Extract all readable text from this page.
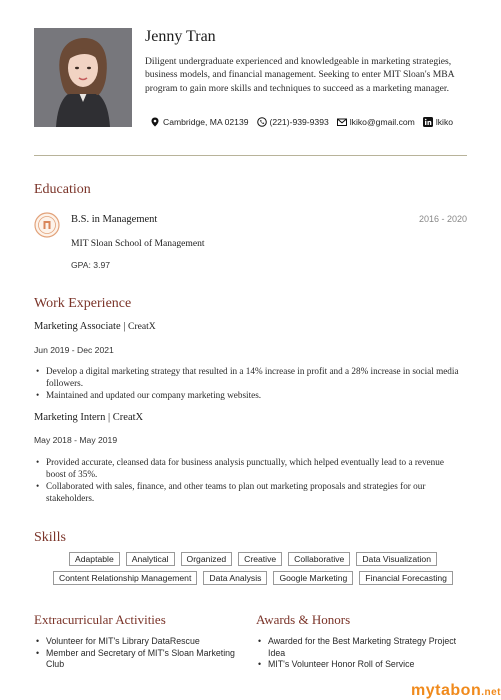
Jenny Tran
Diligent undergraduate experienced and knowledgeable in marketing strategies, business models, and financial management. Seeking to enter MIT Sloan's MBA program to gain more skills and techniques to succeed as a marketing manager.
Cambridge, MA 02139 (221)-939-9393 lkiko@gmail.com lkiko
Education
B.S. in Management	2016 - 2020
MIT Sloan School of Management
GPA: 3.97
Work Experience
Marketing Associate | CreatX
Jun 2019 - Dec 2021
• Develop a digital marketing strategy that resulted in a 14% increase in profit and a 28% increase in social media followers.
• Maintained and updated our company marketing websites.
Marketing Intern | CreatX
May 2018 - May 2019
• Provided accurate, cleansed data for business analysis punctually, which helped eventually lead to a revenue boost of 35%.
• Collaborated with sales, finance, and other teams to plan out marketing proposals and strategies for our stakeholders.
Skills
Adaptable	Analytical	Organized	Creative	Collaborative	Data Visualization
Content Relationship Management	Data Analysis	Google Marketing	Financial Forecasting
Extracurricular Activities
• Volunteer for MIT's Library DataRescue
• Member and Secretary of MIT's Sloan Marketing Club
Awards & Honors
• Awarded for the Best Marketing Strategy Project Idea
• MIT's Volunteer Honor Roll of Service
mytabon.net
